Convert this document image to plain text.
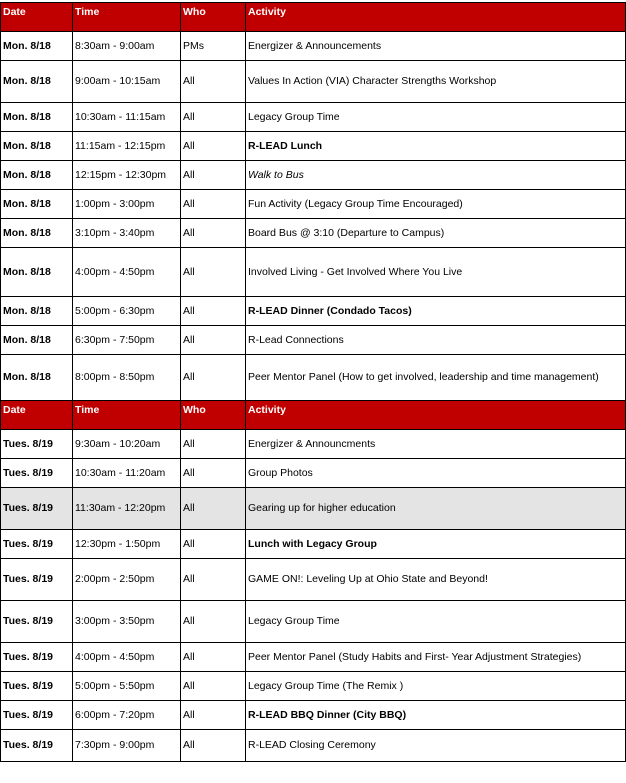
Date	Time	Who	Activity
Mon. 8/18	8:30am - 9:00am	PMs	Energizer & Announcements
Mon. 8/18	9:00am - 10:15am	All	Values In Action (VIA) Character Strengths Workshop
Mon. 8/18	10:30am - 11:15am	All	Legacy Group Time
Mon. 8/18	11:15am - 12:15pm	All	R-LEAD Lunch
Mon. 8/18	12:15pm - 12:30pm	All	Walk to Bus
Mon. 8/18	1:00pm - 3:00pm	All	Fun Activity (Legacy Group Time Encouraged)
Mon. 8/18	3:10pm - 3:40pm	All	Board Bus @ 3:10 (Departure to Campus)
Mon. 8/18	4:00pm - 4:50pm	All	Involved Living - Get Involved Where You Live
Mon. 8/18	5:00pm - 6:30pm	All	R-LEAD Dinner (Condado Tacos)
Mon. 8/18	6:30pm - 7:50pm	All	R-Lead Connections
Mon. 8/18	8:00pm - 8:50pm	All	Peer Mentor Panel (How to get involved, leadership and time management)
Date	Time	Who	Activity
Tues. 8/19	9:30am - 10:20am	All	Energizer & Announcments
Tues. 8/19	10:30am - 11:20am	All	Group Photos
Tues. 8/19	11:30am - 12:20pm	All	Gearing up for higher education
Tues. 8/19	12:30pm - 1:50pm	All	Lunch with Legacy Group
Tues. 8/19	2:00pm - 2:50pm	All	GAME ON!: Leveling Up at Ohio State and Beyond!
Tues. 8/19	3:00pm - 3:50pm	All	Legacy Group Time
Tues. 8/19	4:00pm - 4:50pm	All	Peer Mentor Panel (Study Habits and First- Year Adjustment Strategies)
Tues. 8/19	5:00pm - 5:50pm	All	Legacy Group Time (The Remix )
Tues. 8/19	6:00pm - 7:20pm	All	R-LEAD BBQ Dinner (City BBQ)
Tues. 8/19	7:30pm - 9:00pm	All	R-LEAD Closing Ceremony
